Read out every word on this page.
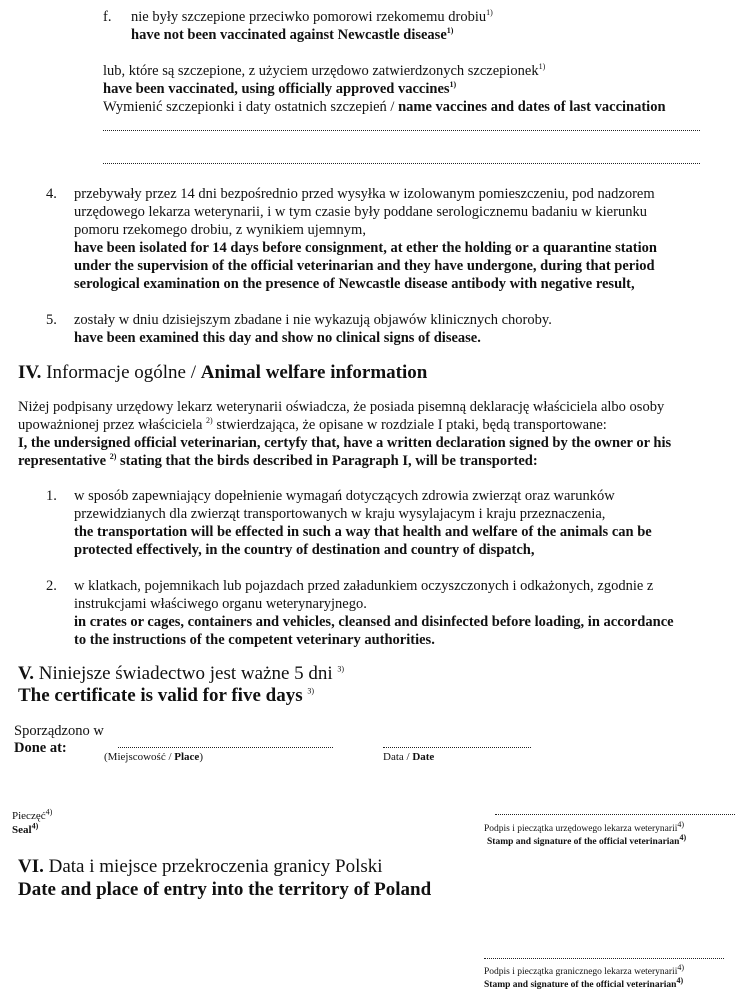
f. nie były szczepione przeciwko pomorowi rzekomemu drobiu$^{1)}$
have not been vaccinated against Newcastle disease$^{1)}$
lub, które są szczepione, z użyciem urzędowo zatwierdzonych szczepionek$^{1)}$
have been vaccinated, using officially approved vaccines$^{1)}$
Wymienić szczepionki i daty ostatnich szczepień / name vaccines and dates of last vaccination
4. przebywały przez 14 dni bezpośrednio przed wysyłka w izolowanym pomieszczeniu, pod nadzorem
urzędowego lekarza weterynarii, i w tym czasie były poddane serologicznemu badaniu w kierunku
pomoru rzekomego drobiu, z wynikiem ujemnym,
have been isolated for 14 days before consignment, at ether the holding or a quarantine station
under the supervision of the official veterinarian and they have undergone, during that period
serological examination on the presence of Newcastle disease antibody with negative result,
5. zostały w dniu dzisiejszym zbadane i nie wykazują objawów klinicznych choroby.
have been examined this day and show no clinical signs of disease.
IV. Informacje ogólne / Animal welfare information
Niżej podpisany urzędowy lekarz weterynarii oświadcza, że posiada pisemną deklarację właściciela albo osoby
upoważnionej przez właściciela $^{2)}$ stwierdzająca, że opisane w rozdziale I ptaki, będą transportowane:
I, the undersigned official veterinarian, certyfy that, have a written declaration signed by the owner or his
representative $^{2)}$ stating that the birds described in Paragraph I, will be transported:
1. w sposób zapewniający dopełnienie wymagań dotyczących zdrowia zwierząt oraz warunków
przewidzianych dla zwierząt transportowanych w kraju wysylajacym i kraju przeznaczenia,
the transportation will be effected in such a way that health and welfare of the animals can be
protected effectively, in the country of destination and country of dispatch,
2. w klatkach, pojemnikach lub pojazdach przed załadunkiem oczyszczonych i odkażonych, zgodnie z
instrukcjami właściwego organu weterynaryjnego.
in crates or cages, containers and vehicles, cleansed and disinfected before loading, in accordance
to the instructions of the competent veterinary authorities.
V. Niniejsze świadectwo jest ważne 5 dni $^{3)}$
The certificate is valid for five days $^{3)}$
Sporządzono w
Done at:
(Miejscowość / Place)	Data / Date
Pieczęć$^{4)}$
Seal$^{4)}$	Podpis i pieczątka urzędowego lekarza weterynarii$^{4)}$
Stamp and signature of the official veterinarian$^{4)}$
VI. Data i miejsce przekroczenia granicy Polski
Date and place of entry into the territory of Poland
Podpis i pieczątka granicznego lekarza weterynarii$^{4)}$
Stamp and signature of the official veterinarian$^{4)}$
